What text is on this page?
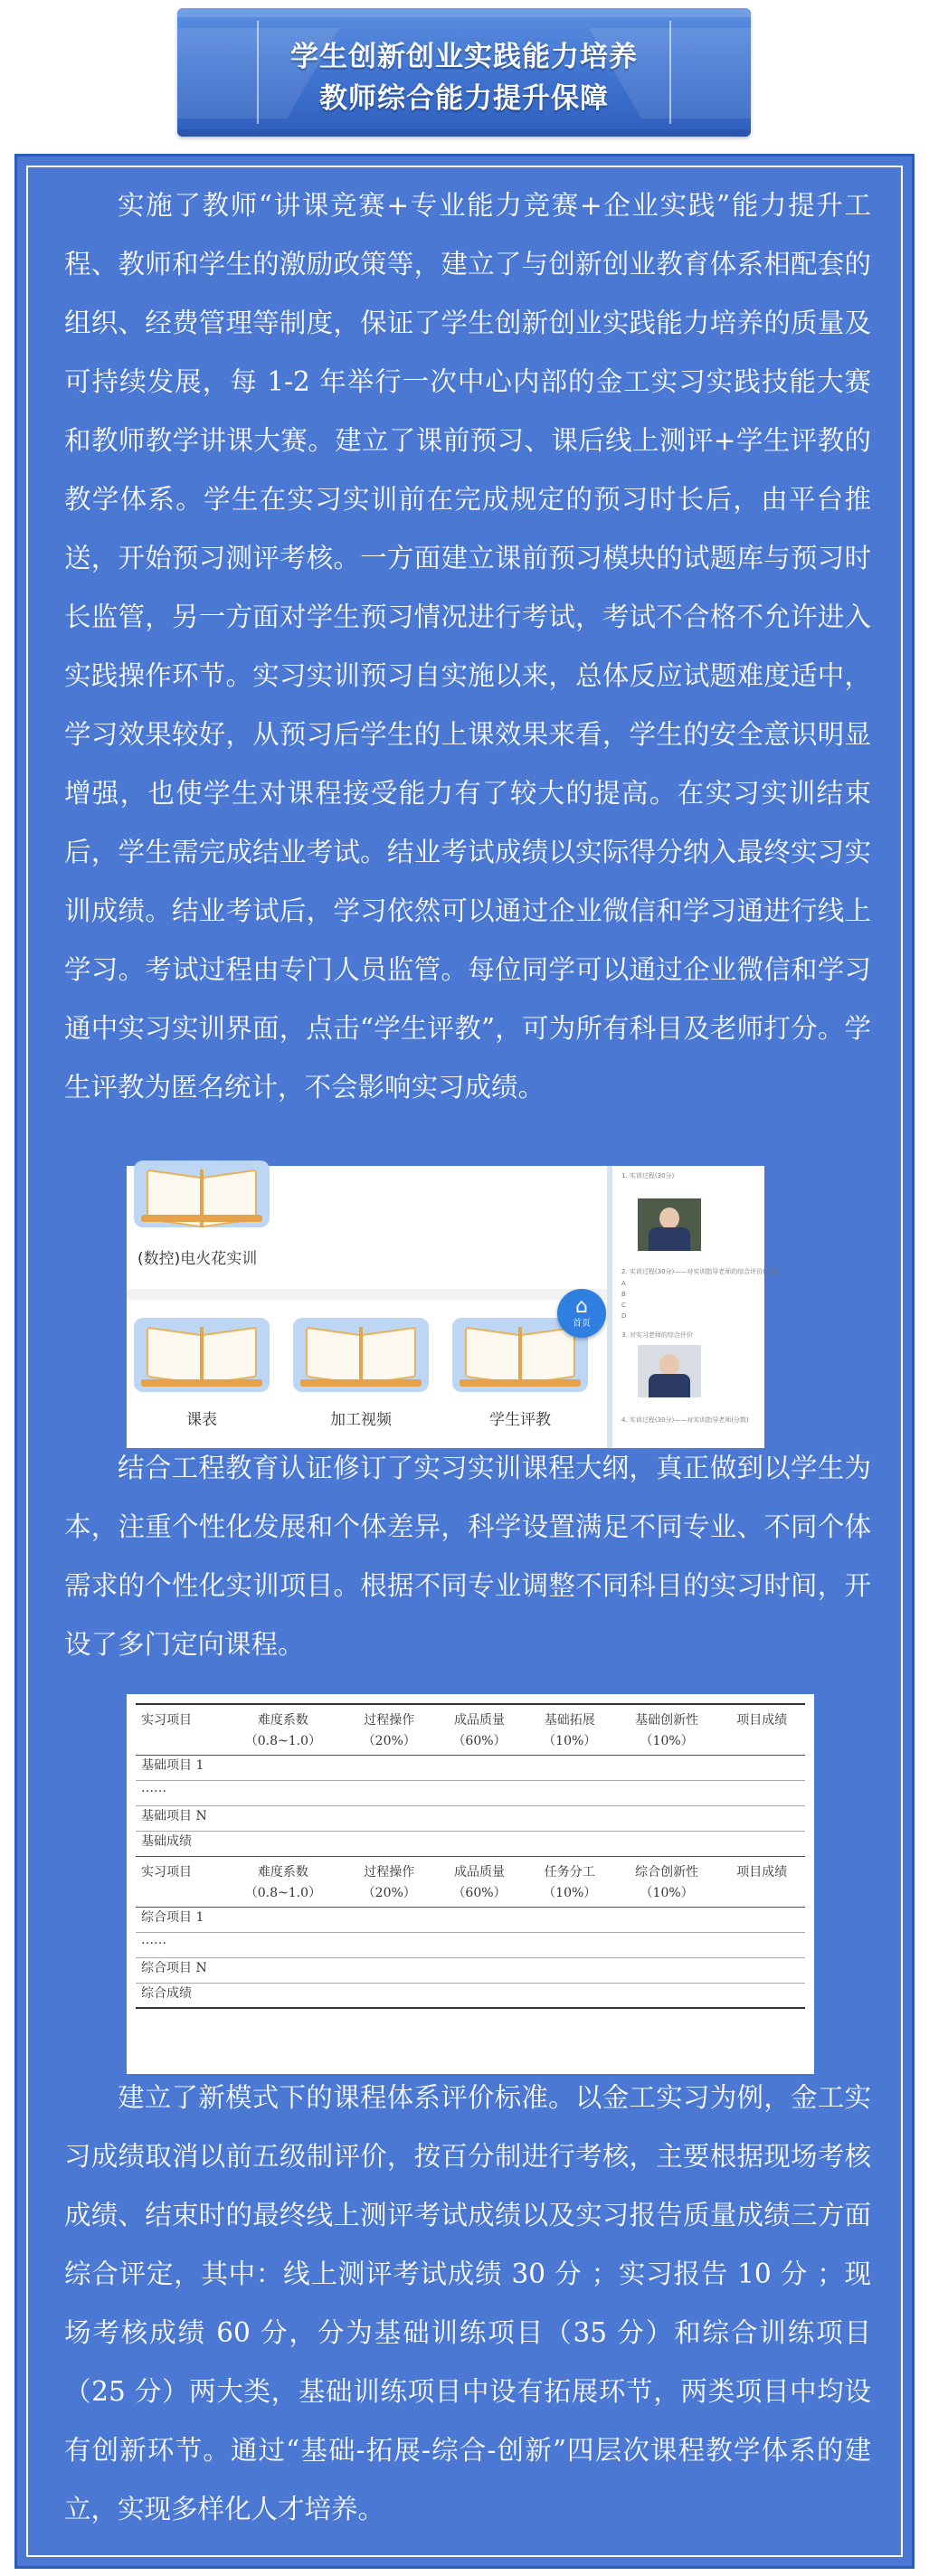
学生创新创业实践能力培养
教师综合能力提升保障

实施了教师“讲课竞赛+专业能力竞赛+企业实践”能力提升工程、教师和学生的激励政策等，建立了与创新创业教育体系相配套的组织、经费管理等制度，保证了学生创新创业实践能力培养的质量及可持续发展，每 1-2 年举行一次中心内部的金工实习实践技能大赛和教师教学讲课大赛。建立了课前预习、课后线上测评+学生评教的教学体系。学生在实习实训前在完成规定的预习时长后，由平台推送，开始预习测评考核。一方面建立课前预习模块的试题库与预习时长监管，另一方面对学生预习情况进行考试，考试不合格不允许进入实践操作环节。实习实训预习自实施以来，总体反应试题难度适中，学习效果较好，从预习后学生的上课效果来看，学生的安全意识明显增强，也使学生对课程接受能力有了较大的提高。在实习实训结束后，学生需完成结业考试。结业考试成绩以实际得分纳入最终实习实训成绩。结业考试后，学习依然可以通过企业微信和学习通进行线上学习。考试过程由专门人员监管。每位同学可以通过企业微信和学习通中实习实训界面，点击“学生评教”，可为所有科目及老师打分。学生评教为匿名统计，不会影响实习成绩。

(数控)电火花实训
课表	加工视频	学生评教
⌂
首页
1. 实训过程(30分)
2. 实训过程(30分)——对实训指导老师的综合评价(分数)
A
B
C
D
3. 对实习老师的综合评价
4. 实训过程(30分)——对实训指导老师(分数)

结合工程教育认证修订了实习实训课程大纲，真正做到以学生为本，注重个性化发展和个体差异，科学设置满足不同专业、不同个体需求的个性化实训项目。根据不同专业调整不同科目的实习时间，开设了多门定向课程。

实习项目	难度系数	过程操作	成品质量	基础拓展	基础创新性	项目成绩
	（0.8~1.0）	（20%）	（60%）	（10%）	（10%）	
基础项目 1						
……						
基础项目 N						
基础成绩						
实习项目	难度系数	过程操作	成品质量	任务分工	综合创新性	项目成绩
	（0.8~1.0）	（20%）	（60%）	（10%）	（10%）	
综合项目 1						
……						
综合项目 N						
综合成绩						

建立了新模式下的课程体系评价标准。以金工实习为例，金工实习成绩取消以前五级制评价，按百分制进行考核，主要根据现场考核成绩、结束时的最终线上测评考试成绩以及实习报告质量成绩三方面综合评定，其中：线上测评考试成绩 30 分 ；实习报告 10 分 ；现场考核成绩 60 分，分为基础训练项目（35 分）和综合训练项目（25 分）两大类，基础训练项目中设有拓展环节，两类项目中均设有创新环节。通过“基础-拓展-综合-创新”四层次课程教学体系的建立，实现多样化人才培养。
